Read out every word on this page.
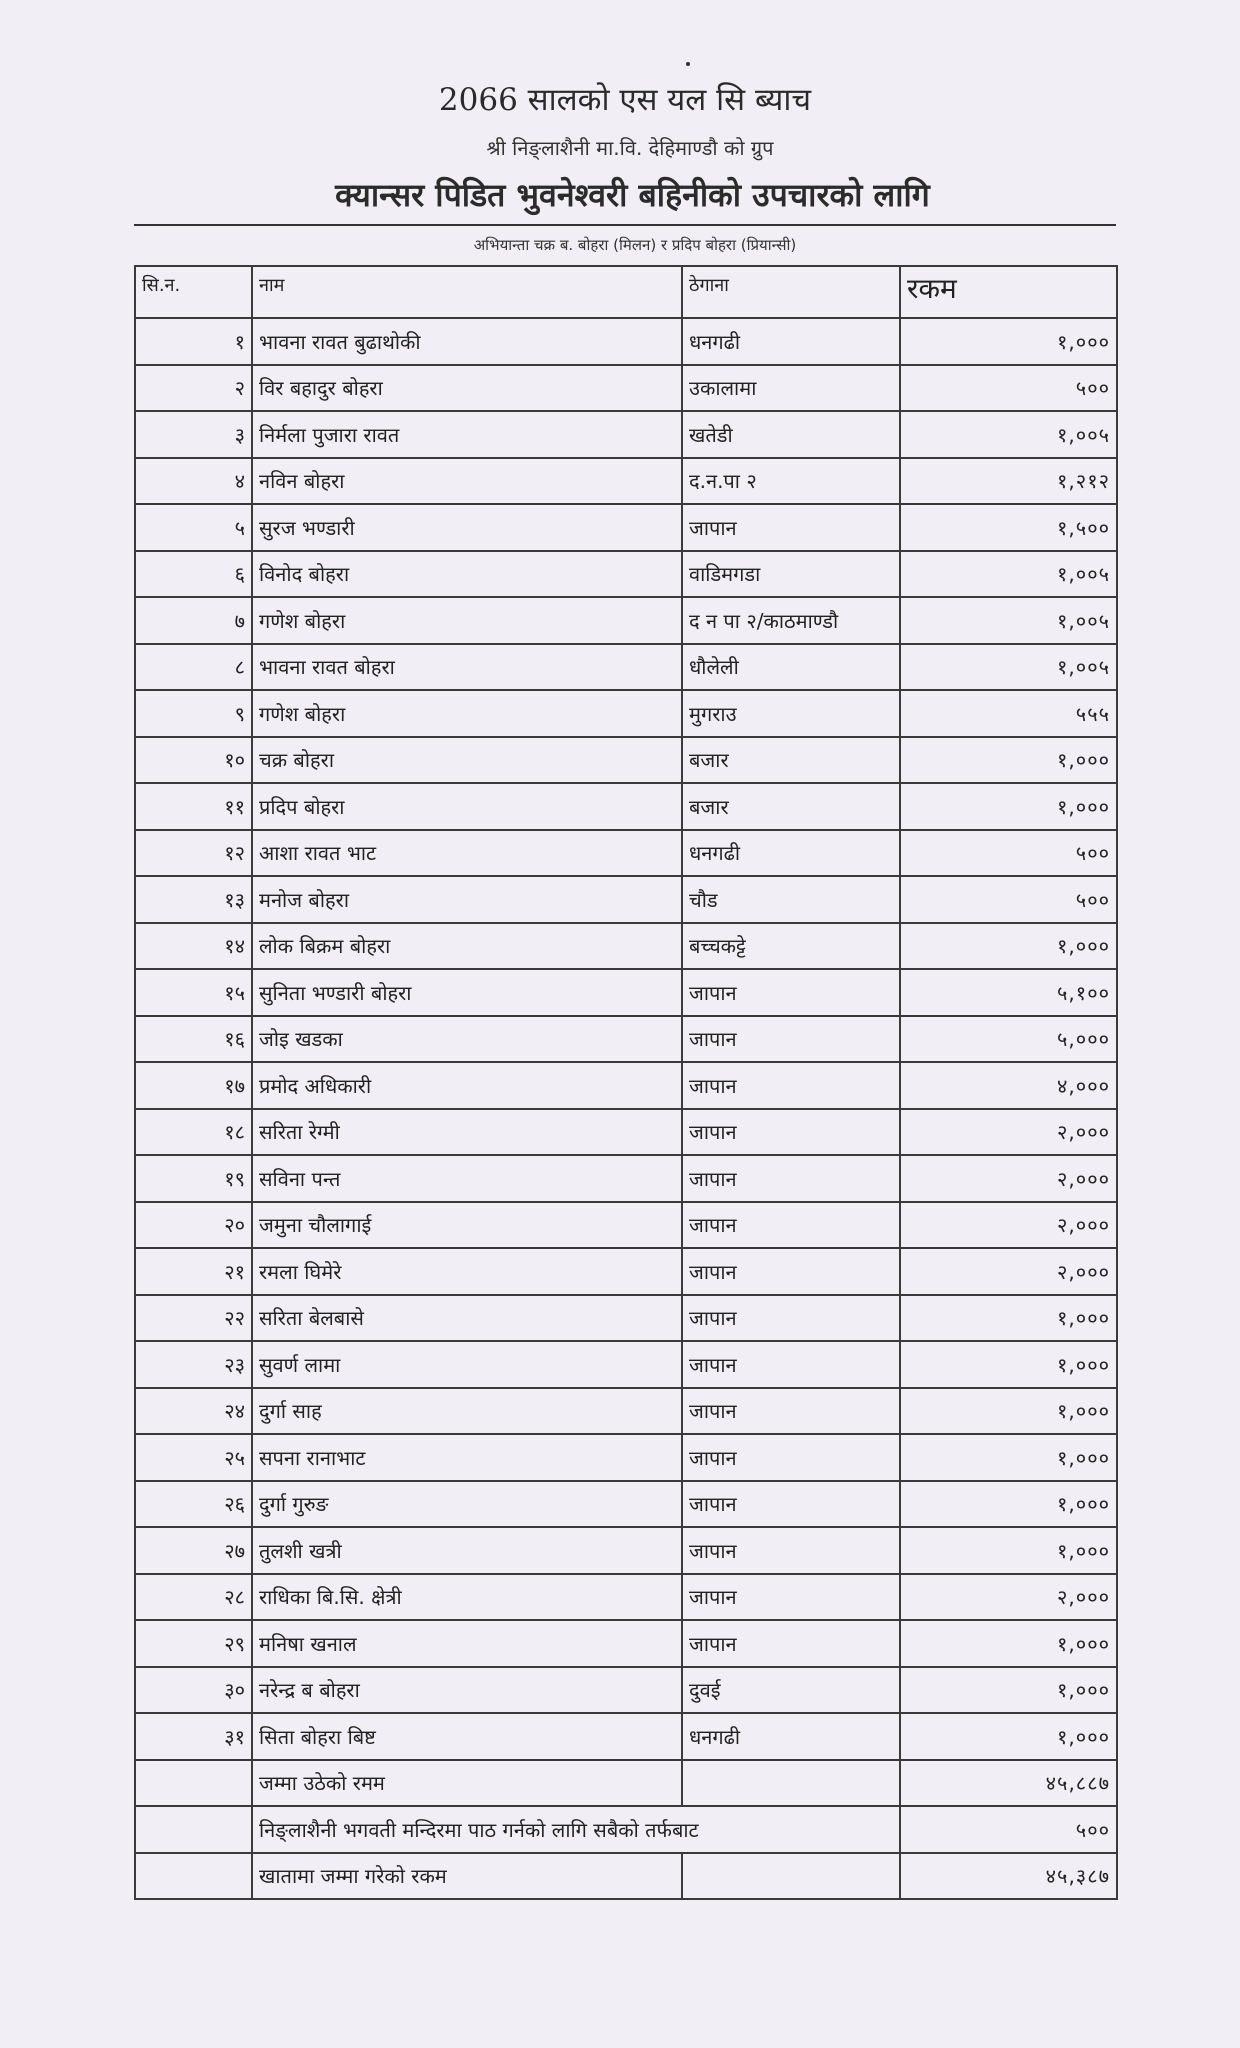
2066 सालको एस यल सि ब्याच
श्री निङ्लाशैनी मा.वि. देहिमाण्डौ को ग्रुप
क्यान्सर पिडित भुवनेश्वरी बहिनीको उपचारको लागि
अभियान्ता चक्र ब. बोहरा (मिलन) र प्रदिप बोहरा (प्रियान्सी)
सि.न.	नाम	ठेगाना	रकम
१	भावना रावत बुढाथोकी	धनगढी	१,०००
२	विर बहादुर बोहरा	उकालामा	५००
३	निर्मला पुजारा रावत	खतेडी	१,००५
४	नविन बोहरा	द.न.पा २	१,२१२
५	सुरज भण्डारी	जापान	१,५००
६	विनोद बोहरा	वाडिमगडा	१,००५
७	गणेश बोहरा	द न पा २/काठमाण्डौ	१,००५
८	भावना रावत बोहरा	धौलेली	१,००५
९	गणेश बोहरा	मुगराउ	५५५
१०	चक्र बोहरा	बजार	१,०००
११	प्रदिप बोहरा	बजार	१,०००
१२	आशा रावत भाट	धनगढी	५००
१३	मनोज बोहरा	चौड	५००
१४	लोक बिक्रम बोहरा	बच्चकट्टे	१,०००
१५	सुनिता भण्डारी बोहरा	जापान	५,१००
१६	जोइ खडका	जापान	५,०००
१७	प्रमोद अधिकारी	जापान	४,०००
१८	सरिता रेग्मी	जापान	२,०००
१९	सविना पन्त	जापान	२,०००
२०	जमुना चौलागाई	जापान	२,०००
२१	रमला घिमेरे	जापान	२,०००
२२	सरिता बेलबासे	जापान	१,०००
२३	सुवर्ण लामा	जापान	१,०००
२४	दुर्गा साह	जापान	१,०००
२५	सपना रानाभाट	जापान	१,०००
२६	दुर्गा गुरुङ	जापान	१,०००
२७	तुलशी खत्री	जापान	१,०००
२८	राधिका बि.सि. क्षेत्री	जापान	२,०००
२९	मनिषा खनाल	जापान	१,०००
३०	नरेन्द्र ब बोहरा	दुवई	१,०००
३१	सिता बोहरा बिष्ट	धनगढी	१,०००
	जम्मा उठेको रमम		४५,८८७
	निङ्लाशैनी भगवती मन्दिरमा पाठ गर्नको लागि सबैको तर्फबाट		५००
	खातामा जम्मा गरेको रकम		४५,३८७
